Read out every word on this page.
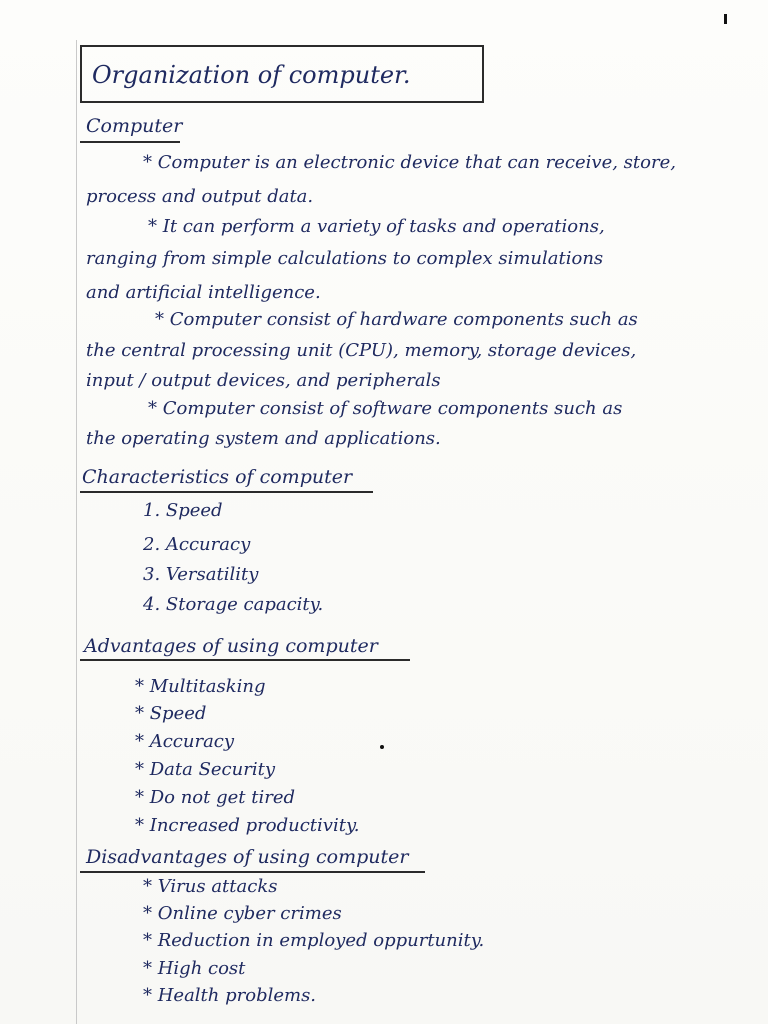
Organization of computer.
Computer
* Computer is an electronic device that can receive, store,
process and output data.
* It can perform a variety of tasks and operations,
ranging from simple calculations to complex simulations
and artificial intelligence.
* Computer consist of hardware components such as
the central processing unit (CPU), memory, storage devices,
input / output devices, and peripherals
* Computer consist of software components such as
the operating system and applications.
Characteristics of computer
1. Speed
2. Accuracy
3. Versatility
4. Storage capacity.
Advantages of using computer
* Multitasking
* Speed
* Accuracy
* Data Security
* Do not get tired
* Increased productivity.
Disadvantages of using computer
* Virus attacks
* Online cyber crimes
* Reduction in employed oppurtunity.
* High cost
* Health problems.
